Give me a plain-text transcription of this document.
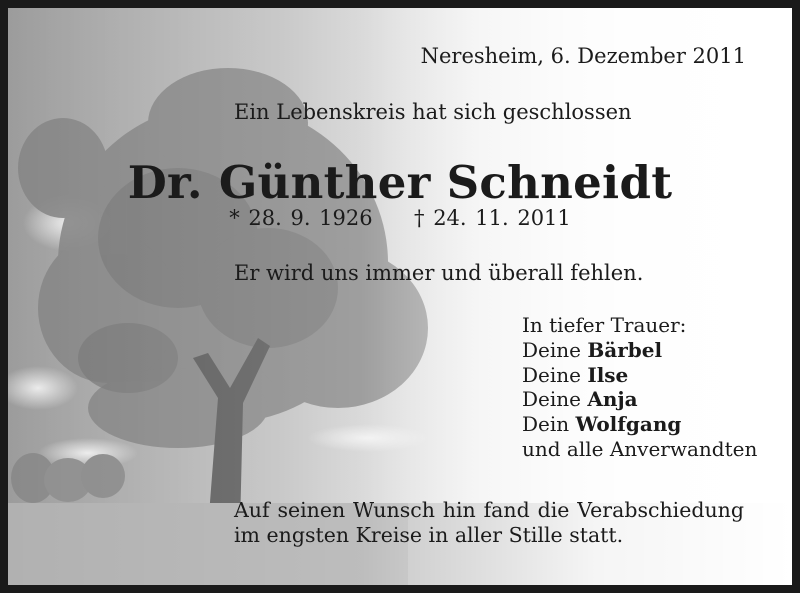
Neresheim, 6. Dezember 2011
Ein Lebenskreis hat sich geschlossen
Dr. Günther Schneidt
* 28. 9. 1926 † 24. 11. 2011
Er wird uns immer und überall fehlen.
In tiefer Trauer:
Deine Bärbel
Deine Ilse
Deine Anja
Dein Wolfgang
und alle Anverwandten
Auf seinen Wunsch hin fand die Verabschiedung im engsten Kreise in aller Stille statt.
